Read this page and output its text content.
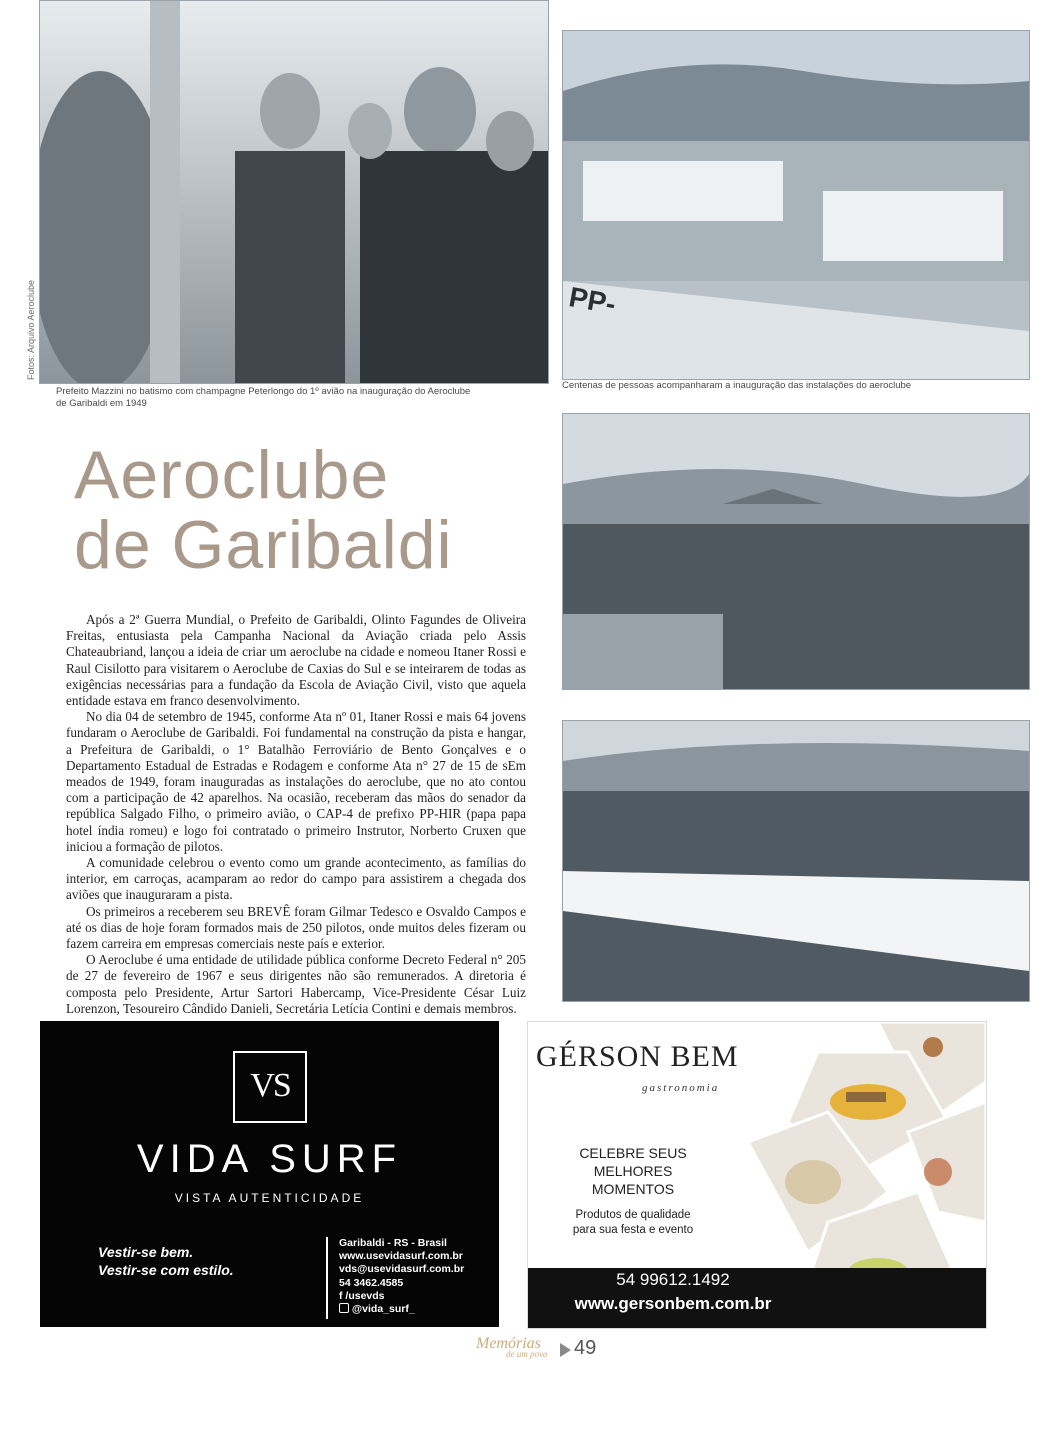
Fotos: Arquivo Aeroclube
Prefeito Mazzini no batismo com champagne Peterlongo do 1º avião na inauguração do Aeroclube
de Garibaldi em 1949
PP-
Centenas de pessoas acompanharam a inauguração das instalações do aeroclube
Aeroclube
de Garibaldi

Após a 2ª Guerra Mundial, o Prefeito de Garibaldi, Olinto Fagundes de Oliveira Freitas, entusiasta pela Campanha Nacional da Aviação criada pelo Assis Chateaubriand, lançou a ideia de criar um aeroclube na cidade e nomeou Itaner Rossi e Raul Cisilotto para visitarem o Aeroclube de Caxias do Sul e se inteirarem de todas as exigências necessárias para a fundação da Escola de Aviação Civil, visto que aquela entidade estava em franco desenvolvimento.

No dia 04 de setembro de 1945, conforme Ata nº 01, Itaner Rossi e mais 64 jovens fundaram o Aeroclube de Garibaldi. Foi fundamental na construção da pista e hangar, a Prefeitura de Garibaldi, o 1° Batalhão Ferroviário de Bento Gonçalves e o Departamento Estadual de Estradas e Rodagem e conforme Ata n° 27 de 15 de sEm meados de 1949, foram inauguradas as instalações do aeroclube, que no ato contou com a participação de 42 aparelhos. Na ocasião, receberam das mãos do senador da república Salgado Filho, o primeiro avião, o CAP-4 de prefixo PP-HIR (papa papa hotel índia romeu) e logo foi contratado o primeiro Instrutor, Norberto Cruxen que iniciou a formação de pilotos.

A comunidade celebrou o evento como um grande acontecimento, as famílias do interior, em carroças, acamparam ao redor do campo para assistirem a chegada dos aviões que inauguraram a pista.

Os primeiros a receberem seu BREVÊ foram Gilmar Tedesco e Osvaldo Campos e até os dias de hoje foram formados mais de 250 pilotos, onde muitos deles fizeram ou fazem carreira em empresas comerciais neste país e exterior.

O Aeroclube é uma entidade de utilidade pública conforme Decreto Federal n° 205 de 27 de fevereiro de 1967 e seus dirigentes não são remunerados. A diretoria é composta pelo Presidente, Artur Sartori Habercamp, Vice-Presidente César Luiz Lorenzon, Tesoureiro Cândido Danieli, Secretária Letícia Contini e demais membros.

VS
VIDA SURF
VISTA AUTENTICIDADE
Vestir-se bem.
Vestir-se com estilo.
Garibaldi - RS - Brasil
www.usevidasurf.com.br
vds@usevidasurf.com.br
54 3462.4585
f /usevds
@vida_surf_
GÉRSON BEM
gastronomia
CELEBRE SEUS MELHORES
MOMENTOS
Produtos de qualidade
para sua festa e evento
54 99612.1492
www.gersonbem.com.br
Memórias
de um povo 49
